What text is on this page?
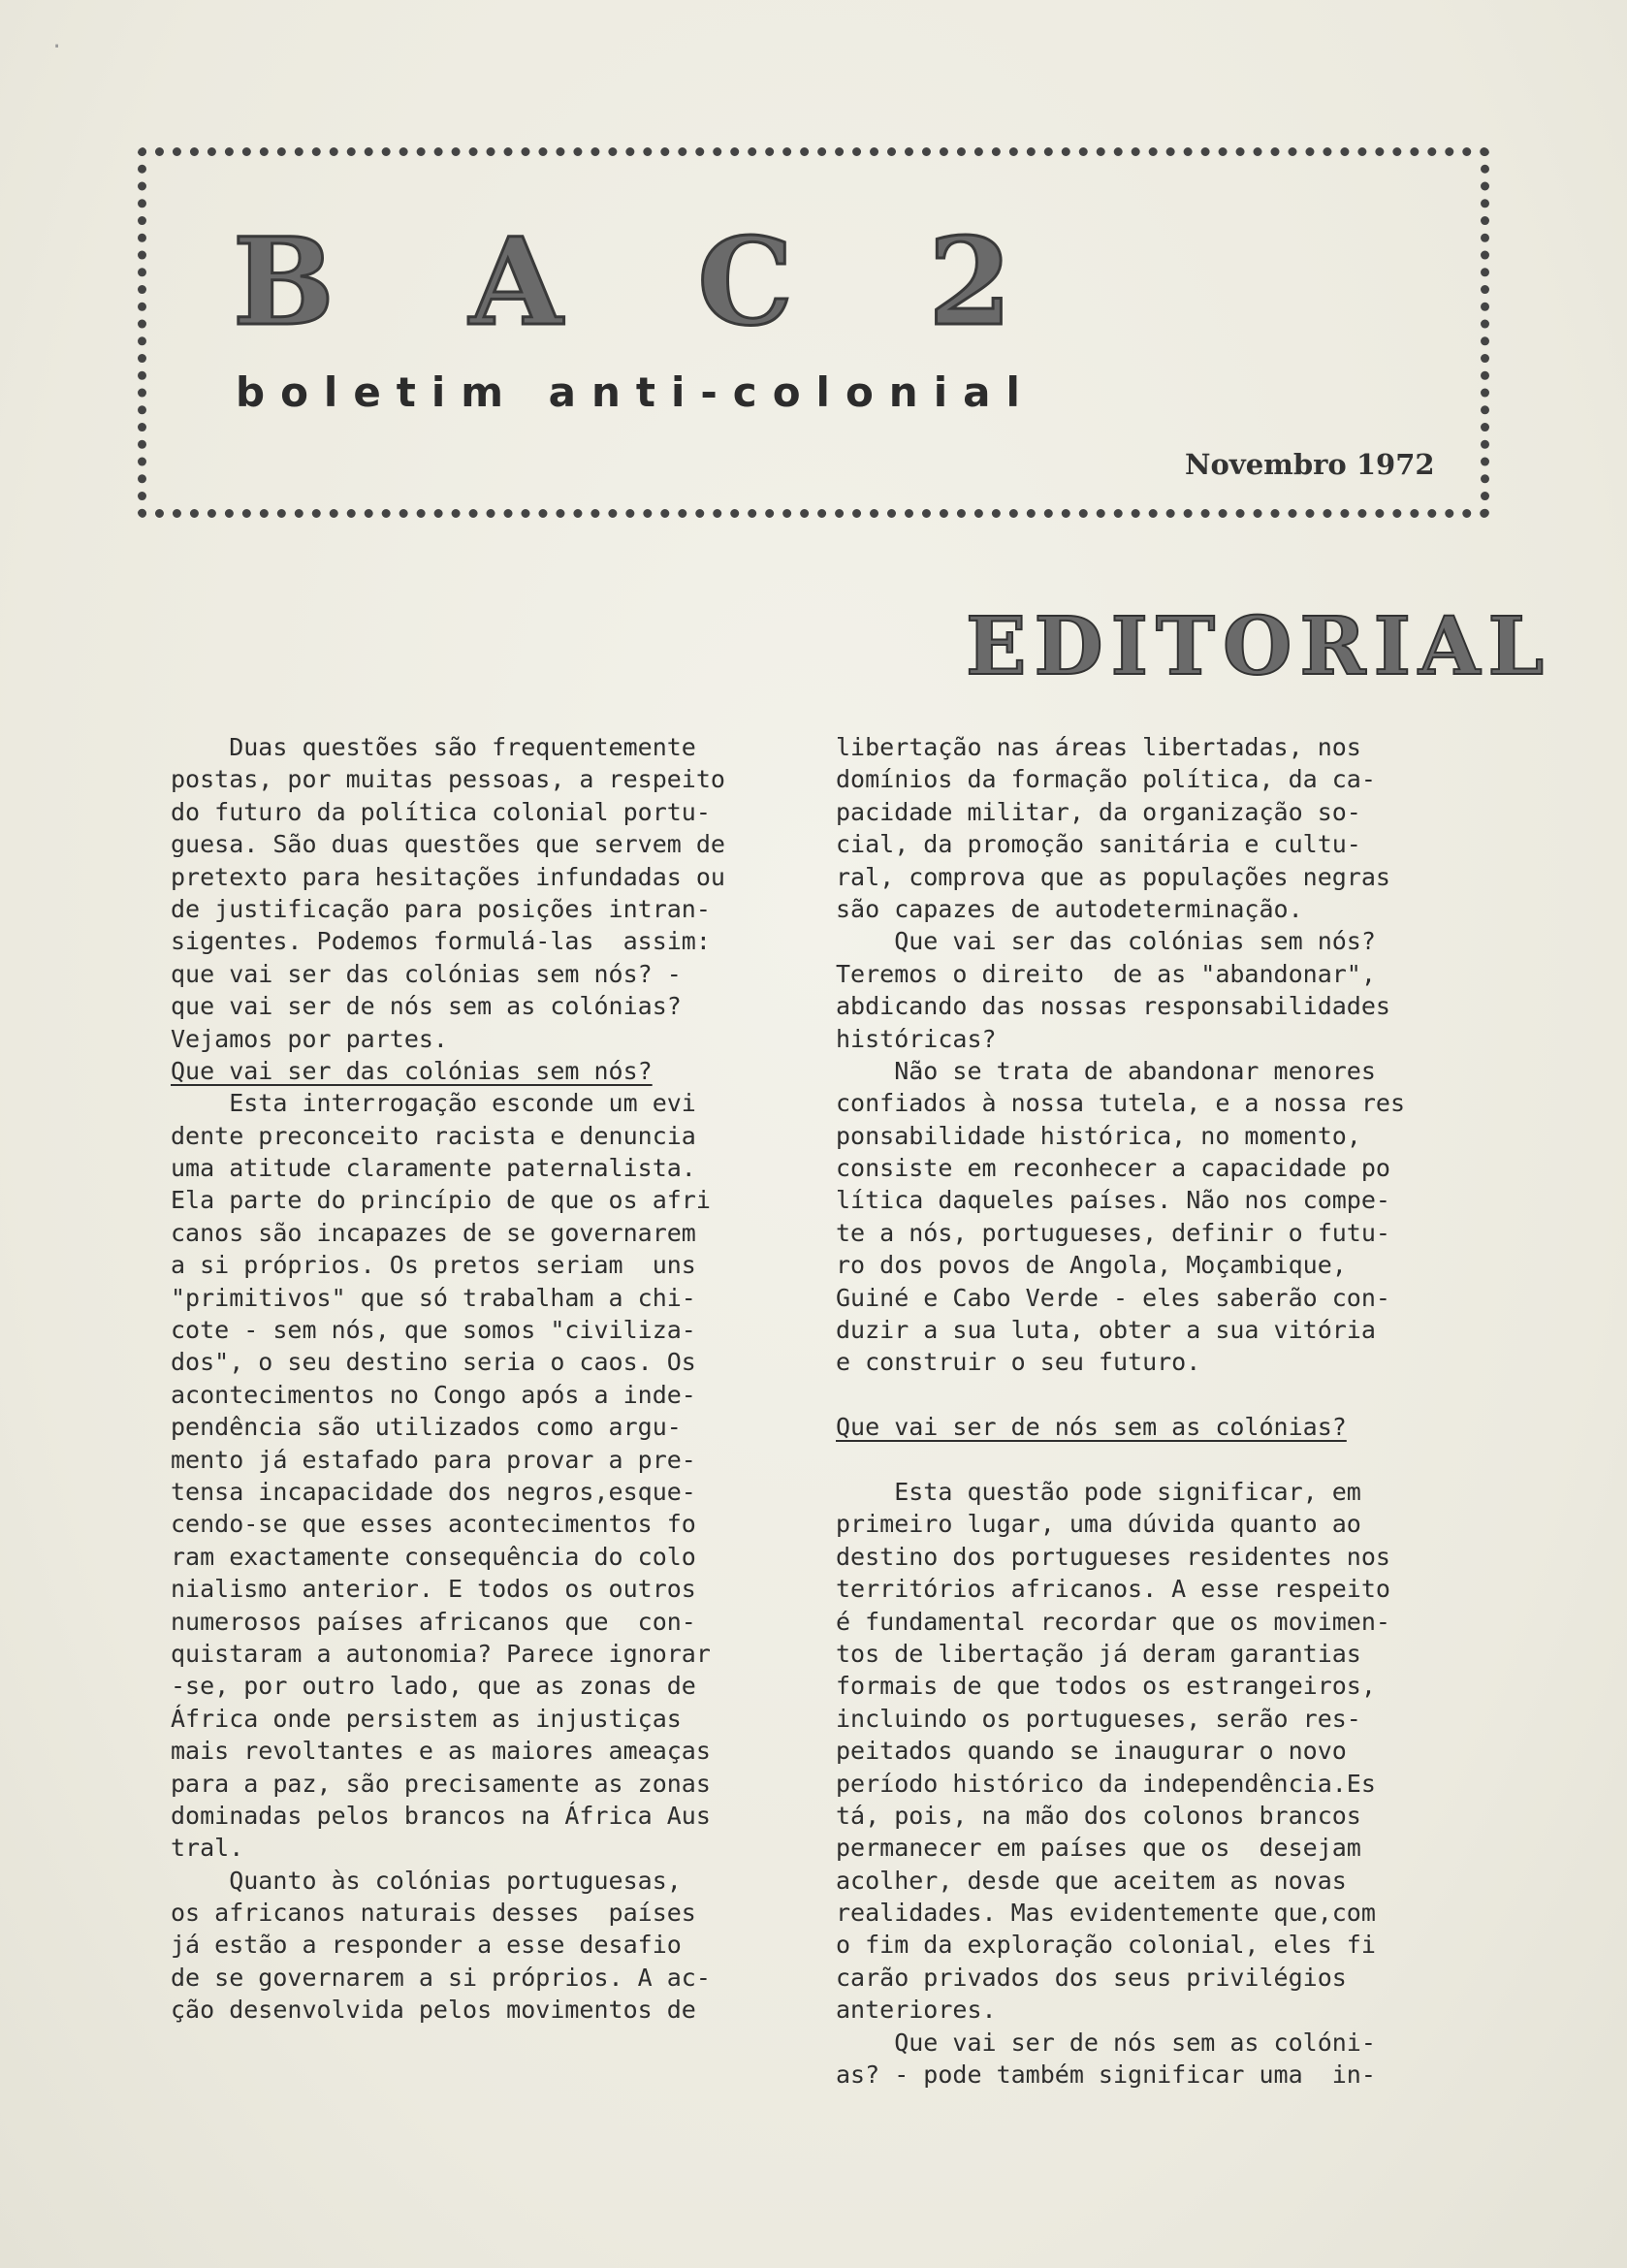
·
B A C 2
boletim anti-colonial
Novembro 1972
EDITORIAL
Duas questões são frequentemente
postas, por muitas pessoas, a respeito
do futuro da política colonial portu-
guesa. São duas questões que servem de
pretexto para hesitações infundadas ou
de justificação para posições intran-
sigentes. Podemos formulá-las  assim:
que vai ser das colónias sem nós? -
que vai ser de nós sem as colónias?
Vejamos por partes.
Que vai ser das colónias sem nós?
Esta interrogação esconde um evi
dente preconceito racista e denuncia
uma atitude claramente paternalista.
Ela parte do princípio de que os afri
canos são incapazes de se governarem
a si próprios. Os pretos seriam  uns
"primitivos" que só trabalham a chi-
cote - sem nós, que somos "civiliza-
dos", o seu destino seria o caos. Os
acontecimentos no Congo após a inde-
pendência são utilizados como argu-
mento já estafado para provar a pre-
tensa incapacidade dos negros,esque-
cendo-se que esses acontecimentos fo
ram exactamente consequência do colo
nialismo anterior. E todos os outros
numerosos países africanos que  con-
quistaram a autonomia? Parece ignorar
-se, por outro lado, que as zonas de
África onde persistem as injustiças
mais revoltantes e as maiores ameaças
para a paz, são precisamente as zonas
dominadas pelos brancos na África Aus
tral.
Quanto às colónias portuguesas,
os africanos naturais desses  países
já estão a responder a esse desafio
de se governarem a si próprios. A ac-
ção desenvolvida pelos movimentos de
libertação nas áreas libertadas, nos
domínios da formação política, da ca-
pacidade militar, da organização so-
cial, da promoção sanitária e cultu-
ral, comprova que as populações negras
são capazes de autodeterminação.
Que vai ser das colónias sem nós?
Teremos o direito  de as "abandonar",
abdicando das nossas responsabilidades
históricas?
Não se trata de abandonar menores
confiados à nossa tutela, e a nossa res
ponsabilidade histórica, no momento,
consiste em reconhecer a capacidade po
lítica daqueles países. Não nos compe-
te a nós, portugueses, definir o futu-
ro dos povos de Angola, Moçambique,
Guiné e Cabo Verde - eles saberão con-
duzir a sua luta, obter a sua vitória
e construir o seu futuro.
Que vai ser de nós sem as colónias?
Esta questão pode significar, em
primeiro lugar, uma dúvida quanto ao
destino dos portugueses residentes nos
territórios africanos. A esse respeito
é fundamental recordar que os movimen-
tos de libertação já deram garantias
formais de que todos os estrangeiros,
incluindo os portugueses, serão res-
peitados quando se inaugurar o novo
período histórico da independência.Es
tá, pois, na mão dos colonos brancos
permanecer em países que os  desejam
acolher, desde que aceitem as novas
realidades. Mas evidentemente que,com
o fim da exploração colonial, eles fi
carão privados dos seus privilégios
anteriores.
Que vai ser de nós sem as colóni-
as? - pode também significar uma  in-
